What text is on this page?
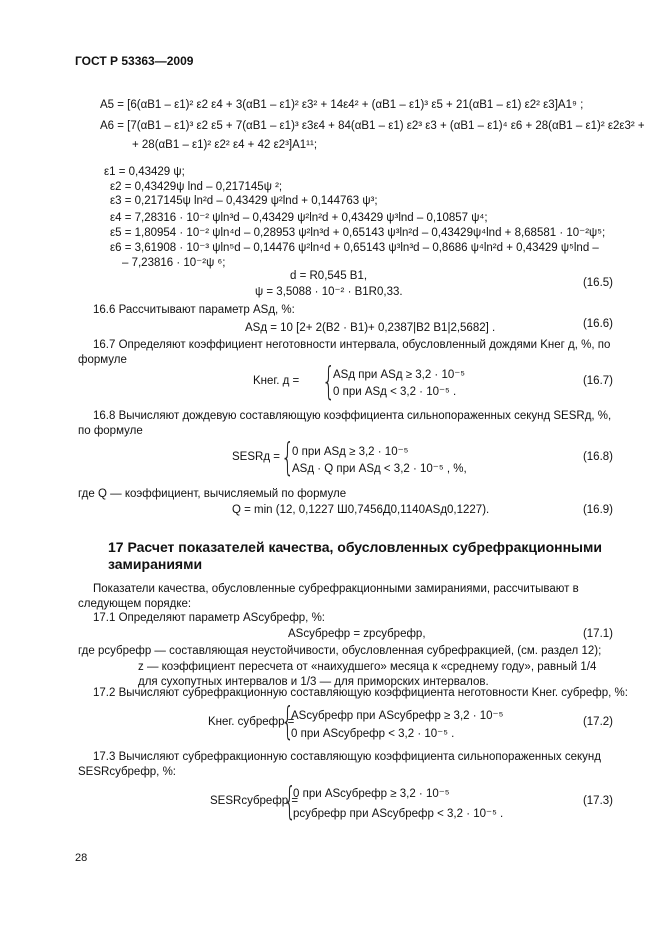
ГОСТ Р 53363—2009
A5 = [6(αB1 – ε1)² ε2 ε4 + 3(αB1 – ε1)² ε3² + 14ε4² + (αB1 – ε1)³ ε5 + 21(αB1 – ε1) ε2² ε3]A1⁹ ;
A6 = [7(αB1 – ε1)³ ε2 ε5 + 7(αB1 – ε1)³ ε3ε4 + 84(αB1 – ε1) ε2³ ε3 + (αB1 – ε1)⁴ ε6 + 28(αB1 – ε1)² ε2ε3² +
+ 28(αB1 – ε1)² ε2² ε4 + 42 ε2³]A1¹¹;
ε1 = 0,43429 ψ;
ε2 = 0,43429ψ lnd – 0,217145ψ ²;
ε3 = 0,217145ψ ln²d – 0,43429 ψ²lnd + 0,144763 ψ³;
ε4 = 7,28316 · 10⁻² ψln³d – 0,43429 ψ²ln²d + 0,43429 ψ³lnd – 0,10857 ψ⁴;
ε5 = 1,80954 · 10⁻² ψln⁴d – 0,28953 ψ²ln³d + 0,65143 ψ³ln²d – 0,43429ψ⁴lnd + 8,68581 · 10⁻²ψ⁵;
ε6 = 3,61908 · 10⁻³ ψln⁵d – 0,14476 ψ²ln⁴d + 0,65143 ψ³ln³d – 0,8686 ψ⁴ln²d + 0,43429 ψ⁵lnd –
– 7,23816 · 10⁻²ψ ⁶;
d = R0,545 B1,
ψ = 3,5088 · 10⁻² · B1R0,33.
(16.5)
16.6 Рассчитывают параметр ASд, %:
ASд = 10 [2+ 2(B2 · B1)+ 0,2387|B2 B1|2,5682] .	(16.6)
16.7 Определяют коэффициент неготовности интервала, обусловленный дождями Kнег д, %, по формуле
Kнег. д = {
ASд при ASд ≥ 3,2 · 10⁻⁵
0 при ASд < 3,2 · 10⁻⁵ .
(16.7)
16.8 Вычисляют дождевую составляющую коэффициента сильнопораженных секунд SESRд, %, по формуле
SESRд = {
0 при ASд ≥ 3,2 · 10⁻⁵
ASд · Q при ASд < 3,2 · 10⁻⁵ , %,
(16.8)
где Q — коэффициент, вычисляемый по формуле
Q = min (12, 0,1227 Ш0,7456Д0,1140ASд0,1227).	(16.9)
17 Расчет показателей качества, обусловленных субрефракционными
замираниями
Показатели качества, обусловленные субрефракционными замираниями, рассчитывают в следующем порядке:
17.1 Определяют параметр ASсубрефр, %:
ASсубрефр = zpсубрефр,	(17.1)
где pсубрефр — составляющая неустойчивости, обусловленная субрефракцией, (см. раздел 12);
z — коэффициент пересчета от «наихудшего» месяца к «среднему году», равный 1/4 для сухопутных интервалов и 1/3 — для приморских интервалов.
17.2 Вычисляют субрефракционную составляющую коэффициента неготовности Kнег. субрефр, %:
Kнег. субрефр =
{
ASсубрефр при ASсубрефр ≥ 3,2 · 10⁻⁵
0 при ASсубрефр < 3,2 · 10⁻⁵ .
(17.2)
17.3 Вычисляют субрефракционную составляющую коэффициента сильнопораженных секунд SESRсубрефр, %:
SESRсубрефр =
{
0 при ASсубрефр ≥ 3,2 · 10⁻⁵
pсубрефр при ASсубрефр < 3,2 · 10⁻⁵ .
(17.3)
28
